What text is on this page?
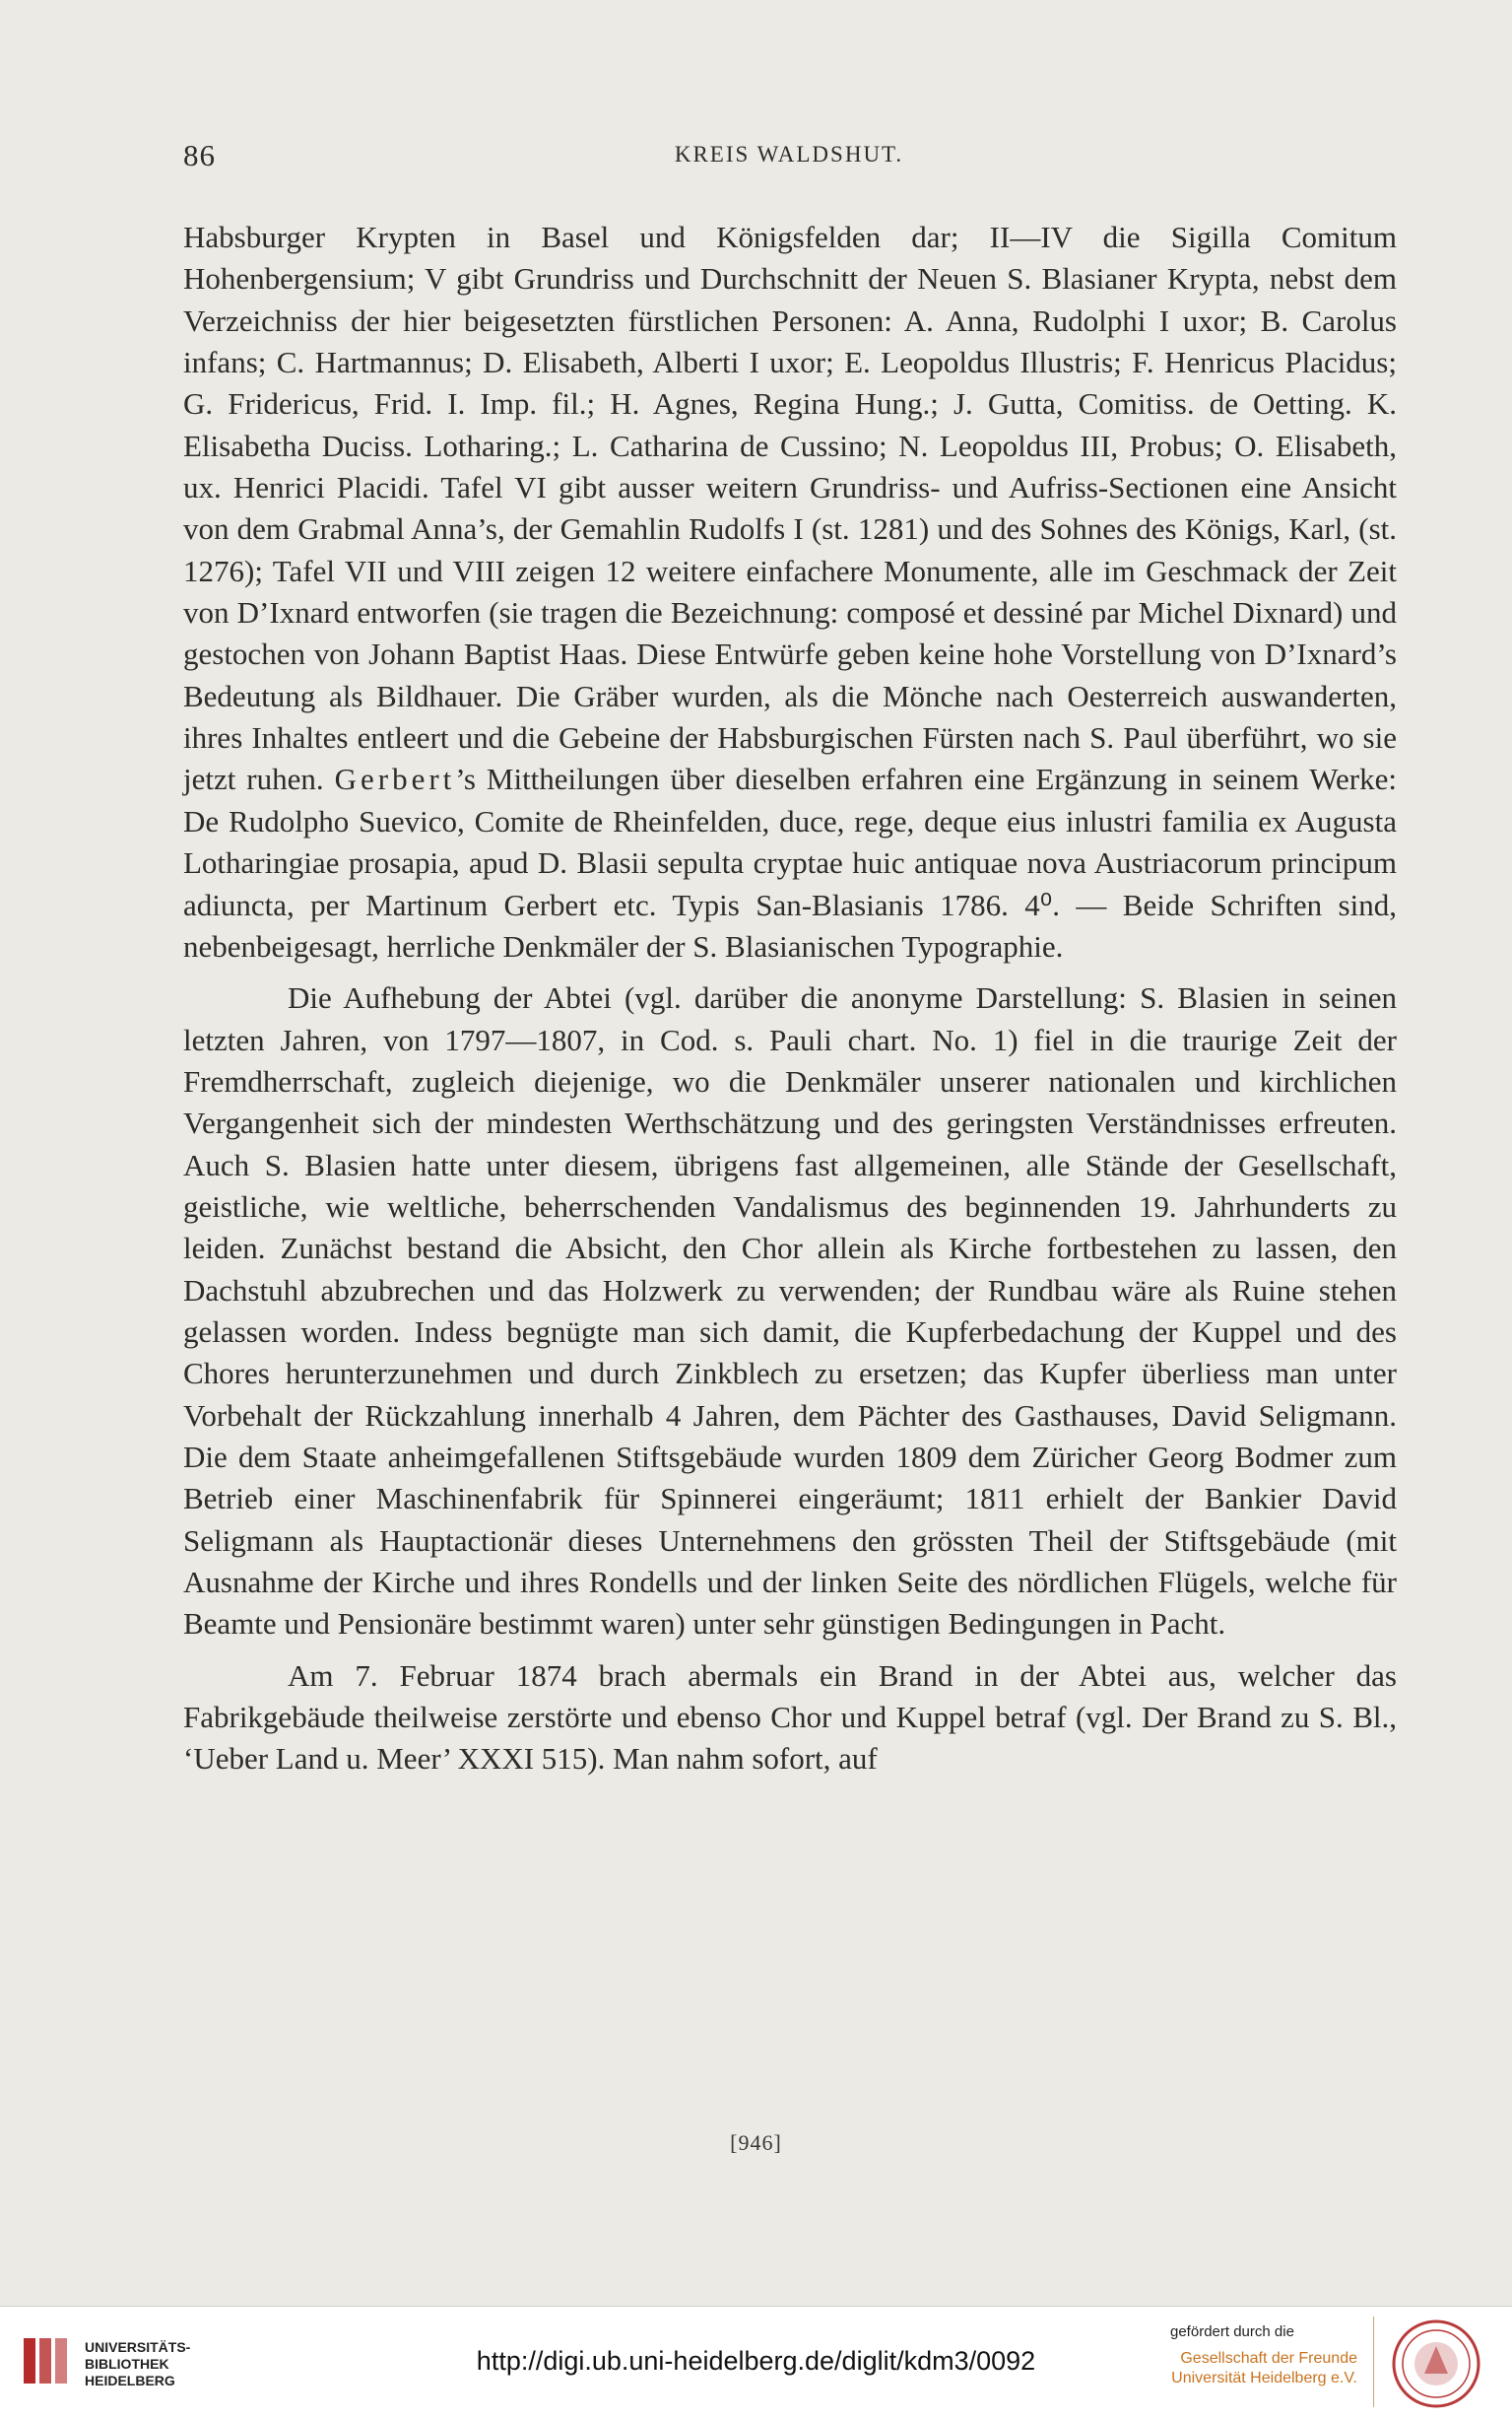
86	KREIS WALDSHUT.

Habsburger Krypten in Basel und Königsfelden dar; II—IV die Sigilla Comitum Hohenbergensium; V gibt Grundriss und Durchschnitt der Neuen S. Blasianer Krypta, nebst dem Verzeichniss der hier beigesetzten fürstlichen Personen: A. Anna, Rudolphi I uxor; B. Carolus infans; C. Hartmannus; D. Elisabeth, Alberti I uxor; E. Leopoldus Illustris; F. Henricus Placidus; G. Fridericus, Frid. I. Imp. fil.; H. Agnes, Regina Hung.; J. Gutta, Comitiss. de Oetting. K. Elisabetha Duciss. Lotharing.; L. Catharina de Cussino; N. Leopoldus III, Probus; O. Elisabeth, ux. Henrici Placidi. Tafel VI gibt ausser weitern Grundriss- und Aufriss-Sectionen eine Ansicht von dem Grabmal Anna’s, der Gemahlin Rudolfs I (st. 1281) und des Sohnes des Königs, Karl, (st. 1276); Tafel VII und VIII zeigen 12 weitere einfachere Monumente, alle im Geschmack der Zeit von D’Ixnard entworfen (sie tragen die Bezeichnung: composé et dessiné par Michel Dixnard) und gestochen von Johann Baptist Haas. Diese Entwürfe geben keine hohe Vorstellung von D’Ixnard’s Bedeutung als Bildhauer. Die Gräber wurden, als die Mönche nach Oesterreich auswanderten, ihres Inhaltes entleert und die Gebeine der Habsburgischen Fürsten nach S. Paul überführt, wo sie jetzt ruhen. Gerbert’s Mittheilungen über dieselben erfahren eine Ergänzung in seinem Werke: De Rudolpho Suevico, Comite de Rheinfelden, duce, rege, deque eius inlustri familia ex Augusta Lotharingiae prosapia, apud D. Blasii sepulta cryptae huic antiquae nova Austriacorum principum adiuncta, per Martinum Gerbert etc. Typis San-Blasianis 1786. 4⁰. — Beide Schriften sind, nebenbeigesagt, herrliche Denkmäler der S. Blasianischen Typographie.

Die Aufhebung der Abtei (vgl. darüber die anonyme Darstellung: S. Blasien in seinen letzten Jahren, von 1797—1807, in Cod. s. Pauli chart. No. 1) fiel in die traurige Zeit der Fremdherrschaft, zugleich diejenige, wo die Denkmäler unserer nationalen und kirchlichen Vergangenheit sich der mindesten Werthschätzung und des geringsten Verständnisses erfreuten. Auch S. Blasien hatte unter diesem, übrigens fast allgemeinen, alle Stände der Gesellschaft, geistliche, wie weltliche, beherrschenden Vandalismus des beginnenden 19. Jahrhunderts zu leiden. Zunächst bestand die Absicht, den Chor allein als Kirche fortbestehen zu lassen, den Dachstuhl abzubrechen und das Holzwerk zu verwenden; der Rundbau wäre als Ruine stehen gelassen worden. Indess begnügte man sich damit, die Kupferbedachung der Kuppel und des Chores herunterzunehmen und durch Zinkblech zu ersetzen; das Kupfer überliess man unter Vorbehalt der Rückzahlung innerhalb 4 Jahren, dem Pächter des Gasthauses, David Seligmann. Die dem Staate anheimgefallenen Stiftsgebäude wurden 1809 dem Züricher Georg Bodmer zum Betrieb einer Maschinenfabrik für Spinnerei eingeräumt; 1811 erhielt der Bankier David Seligmann als Hauptactionär dieses Unternehmens den grössten Theil der Stiftsgebäude (mit Ausnahme der Kirche und ihres Rondells und der linken Seite des nördlichen Flügels, welche für Beamte und Pensionäre bestimmt waren) unter sehr günstigen Bedingungen in Pacht.

Am 7. Februar 1874 brach abermals ein Brand in der Abtei aus, welcher das Fabrikgebäude theilweise zerstörte und ebenso Chor und Kuppel betraf (vgl. Der Brand zu S. Bl., ‘Ueber Land u. Meer’ XXXI 515). Man nahm sofort, auf

[946]
UNIVERSITÄTS-
BIBLIOTHEK
HEIDELBERG
http://digi.ub.uni-heidelberg.de/diglit/kdm3/0092
gefördert durch die
Gesellschaft der Freunde
Universität Heidelberg e.V.
